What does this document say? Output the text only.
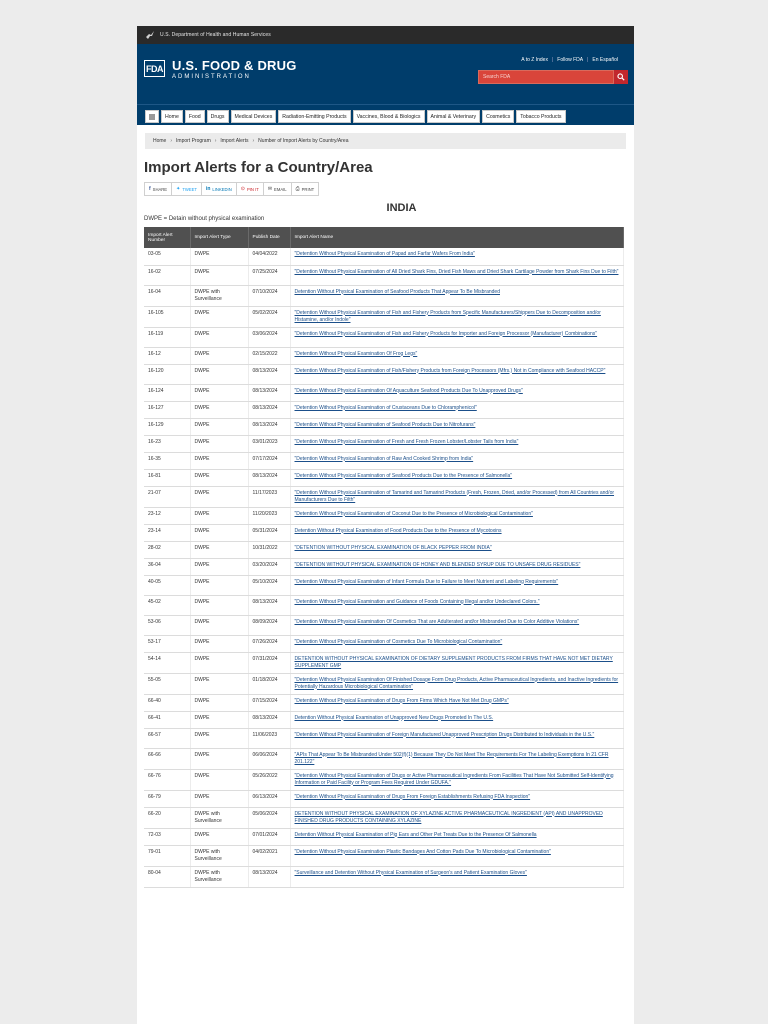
U.S. Department of Health and Human Services
FDA U.S. FOOD & DRUG
ADMINISTRATION
A to Z Index | Follow FDA | En Español
Search FDA
Home	Food	Drugs	Medical Devices	Radiation-Emitting Products	Vaccines, Blood & Biologics	Animal & Veterinary	Cosmetics	Tobacco Products
Home › Import Program › Import Alerts › Number of Import Alerts by Country/Area
Import Alerts for a Country/Area
f SHARE ✦ TWEET in LINKEDIN ⊙ PIN IT ✉ EMAIL ⎙ PRINT
INDIA
DWPE = Detain without physical examination
Import Alert Number	Import Alert Type	Publish Date	Import Alert Name
03-05	DWPE	04/04/2022	"Detention Without Physical Examination of Papad and Farfar Wafers From India"
16-02	DWPE	07/25/2024	"Detention Without Physical Examination of All Dried Shark Fins, Dried Fish Maws and Dried Shark Cartilage Powder from Shark Fins Due to Filth"
16-04	DWPE with Surveillance	07/10/2024	Detention Without Physical Examination of Seafood Products That Appear To Be Misbranded
16-105	DWPE	05/02/2024	"Detention Without Physical Examination of Fish and Fishery Products from Specific Manufacturers/Shippers Due to Decomposition and/or Histamine, and/or Indole"
16-119	DWPE	03/06/2024	"Detention Without Physical Examination of Fish and Fishery Products for Importer and Foreign Processor (Manufacturer) Combinations"
16-12	DWPE	02/15/2022	"Detention Without Physical Examination Of Frog Legs"
16-120	DWPE	08/13/2024	"Detention Without Physical Examination of Fish/Fishery Products from Foreign Processors (Mfrs.) Not in Compliance with Seafood HACCP"
16-124	DWPE	08/13/2024	"Detention Without Physical Examination Of Aquaculture Seafood Products Due To Unapproved Drugs"
16-127	DWPE	08/13/2024	"Detention Without Physical Examination of Crustaceans Due to Chloramphenicol"
16-129	DWPE	08/13/2024	"Detention Without Physical Examination of Seafood Products Due to Nitrofurans"
16-23	DWPE	03/01/2023	"Detention Without Physical Examination of Fresh and Fresh Frozen Lobster/Lobster Tails from India"
16-35	DWPE	07/17/2024	"Detention Without Physical Examination of Raw And Cooked Shrimp from India"
16-81	DWPE	08/13/2024	"Detention Without Physical Examination of Seafood Products Due to the Presence of Salmonella"
21-07	DWPE	11/17/2023	"Detention Without Physical Examination of Tamarind and Tamarind Products (Fresh, Frozen, Dried, and/or Processed) from All Countries and/or Manufacturers Due to Filth"
23-12	DWPE	11/20/2023	"Detention Without Physical Examination of Coconut Due to the Presence of Microbiological Contamination"
23-14	DWPE	05/31/2024	Detention Without Physical Examination of Food Products Due to the Presence of Mycotoxins
28-02	DWPE	10/31/2022	"DETENTION WITHOUT PHYSICAL EXAMINATION OF BLACK PEPPER FROM INDIA"
36-04	DWPE	03/20/2024	"DETENTION WITHOUT PHYSICAL EXAMINATION OF HONEY AND BLENDED SYRUP DUE TO UNSAFE DRUG RESIDUES"
40-05	DWPE	05/10/2024	"Detention Without Physical Examination of Infant Formula Due to Failure to Meet Nutrient and Labeling Requirements"
45-02	DWPE	08/13/2024	"Detention Without Physical Examination and Guidance of Foods Containing Illegal and/or Undeclared Colors."
53-06	DWPE	08/09/2024	"Detention Without Physical Examination Of Cosmetics That are Adulterated and/or Misbranded Due to Color Additive Violations"
53-17	DWPE	07/26/2024	"Detention Without Physical Examination of Cosmetics Due To Microbiological Contamination"
54-14	DWPE	07/31/2024	DETENTION WITHOUT PHYSICAL EXAMINATION OF DIETARY SUPPLEMENT PRODUCTS FROM FIRMS THAT HAVE NOT MET DIETARY SUPPLEMENT GMP
55-05	DWPE	01/18/2024	"Detention Without Physical Examination Of Finished Dosage Form Drug Products, Active Pharmaceutical Ingredients, and Inactive Ingredients for Potentially Hazardous Microbiological Contamination"
66-40	DWPE	07/15/2024	"Detention Without Physical Examination of Drugs From Firms Which Have Not Met Drug GMPs"
66-41	DWPE	08/13/2024	Detention Without Physical Examination of Unapproved New Drugs Promoted In The U.S.
66-57	DWPE	11/06/2023	"Detention Without Physical Examination of Foreign Manufactured Unapproved Prescription Drugs Distributed to Individuals in the U.S."
66-66	DWPE	06/06/2024	"APIs That Appear To Be Misbranded Under 502(f)(1) Because They Do Not Meet The Requirements For The Labeling Exemptions In 21 CFR 201.122"
66-76	DWPE	05/26/2022	"Detention Without Physical Examination of Drugs or Active Pharmaceutical Ingredients From Facilities That Have Not Submitted Self-Identifying Information or Paid Facility or Program Fees Required Under GDUFA."
66-79	DWPE	06/13/2024	"Detention Without Physical Examination of Drugs From Foreign Establishments Refusing FDA Inspection"
66-20	DWPE with Surveillance	05/06/2024	DETENTION WITHOUT PHYSICAL EXAMINATION OF XYLAZINE ACTIVE PHARMACEUTICAL INGREDIENT (API) AND UNAPPROVED FINISHED DRUG PRODUCTS CONTAINING XYLAZINE
72-03	DWPE	07/01/2024	Detention Without Physical Examination of Pig Ears and Other Pet Treats Due to the Presence Of Salmonella
79-01	DWPE with Surveillance	04/02/2021	"Detention Without Physical Examination Plastic Bandages And Cotton Pads Due To Microbiological Contamination"
80-04	DWPE with Surveillance	08/13/2024	"Surveillance and Detention Without Physical Examination of Surgeon's and Patient Examination Gloves"
